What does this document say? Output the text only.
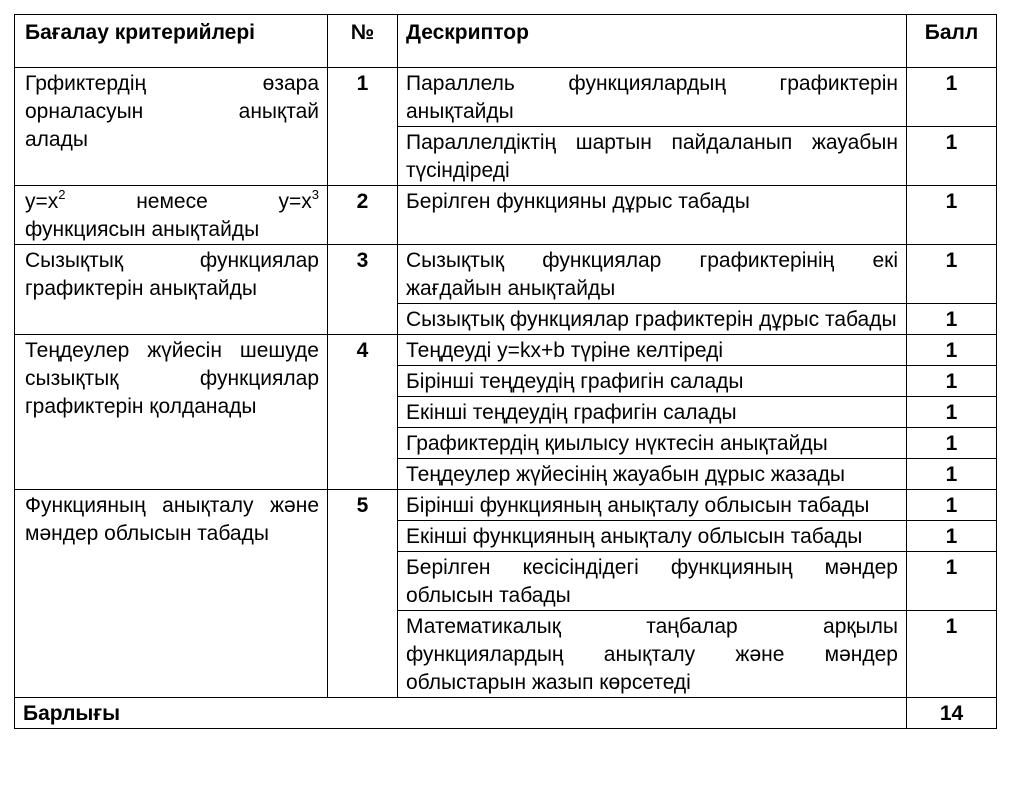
Бағалау критерийлері	№	Дескриптор	Балл

Грфиктердің өзара
орналасуын анықтай
алады	1	Параллель функциялардың графиктерін анықтайды	1
		Параллелдіктің шартын пайдаланып жауабын түсіндіреді	1

$y=x^2$ немесе $y=x^3$
функциясын анықтайды	2	Берілген функцияны дұрыс табады	1
Сызықтық функциялар графиктерін анықтайды	3	Сызықтық функциялар графиктерінің екі жағдайын анықтайды	1
		Сызықтық функциялар графиктерін дұрыс табады	1
Теңдеулер жүйесін шешуде сызықтық функциялар графиктерін қолданады	4	Теңдеуді y=kx+b түріне келтіреді	1
		Бірінші теңдеудің графигін салады	1
		Екінші теңдеудің графигін салады	1
		Графиктердің қиылысу нүктесін анықтайды	1
		Теңдеулер жүйесінің жауабын дұрыс жазады	1
Функцияның анықталу және мәндер облысын табады	5	Бірінші функцияның анықталу облысын табады	1
		Екінші функцияның анықталу облысын табады	1
		Берілген кесісіндідегі функцияның мәндер облысын табады	1
		Математикалық таңбалар арқылы функциялардың анықталу және мәндер облыстарын жазып көрсетеді	1
Барлығы			14
